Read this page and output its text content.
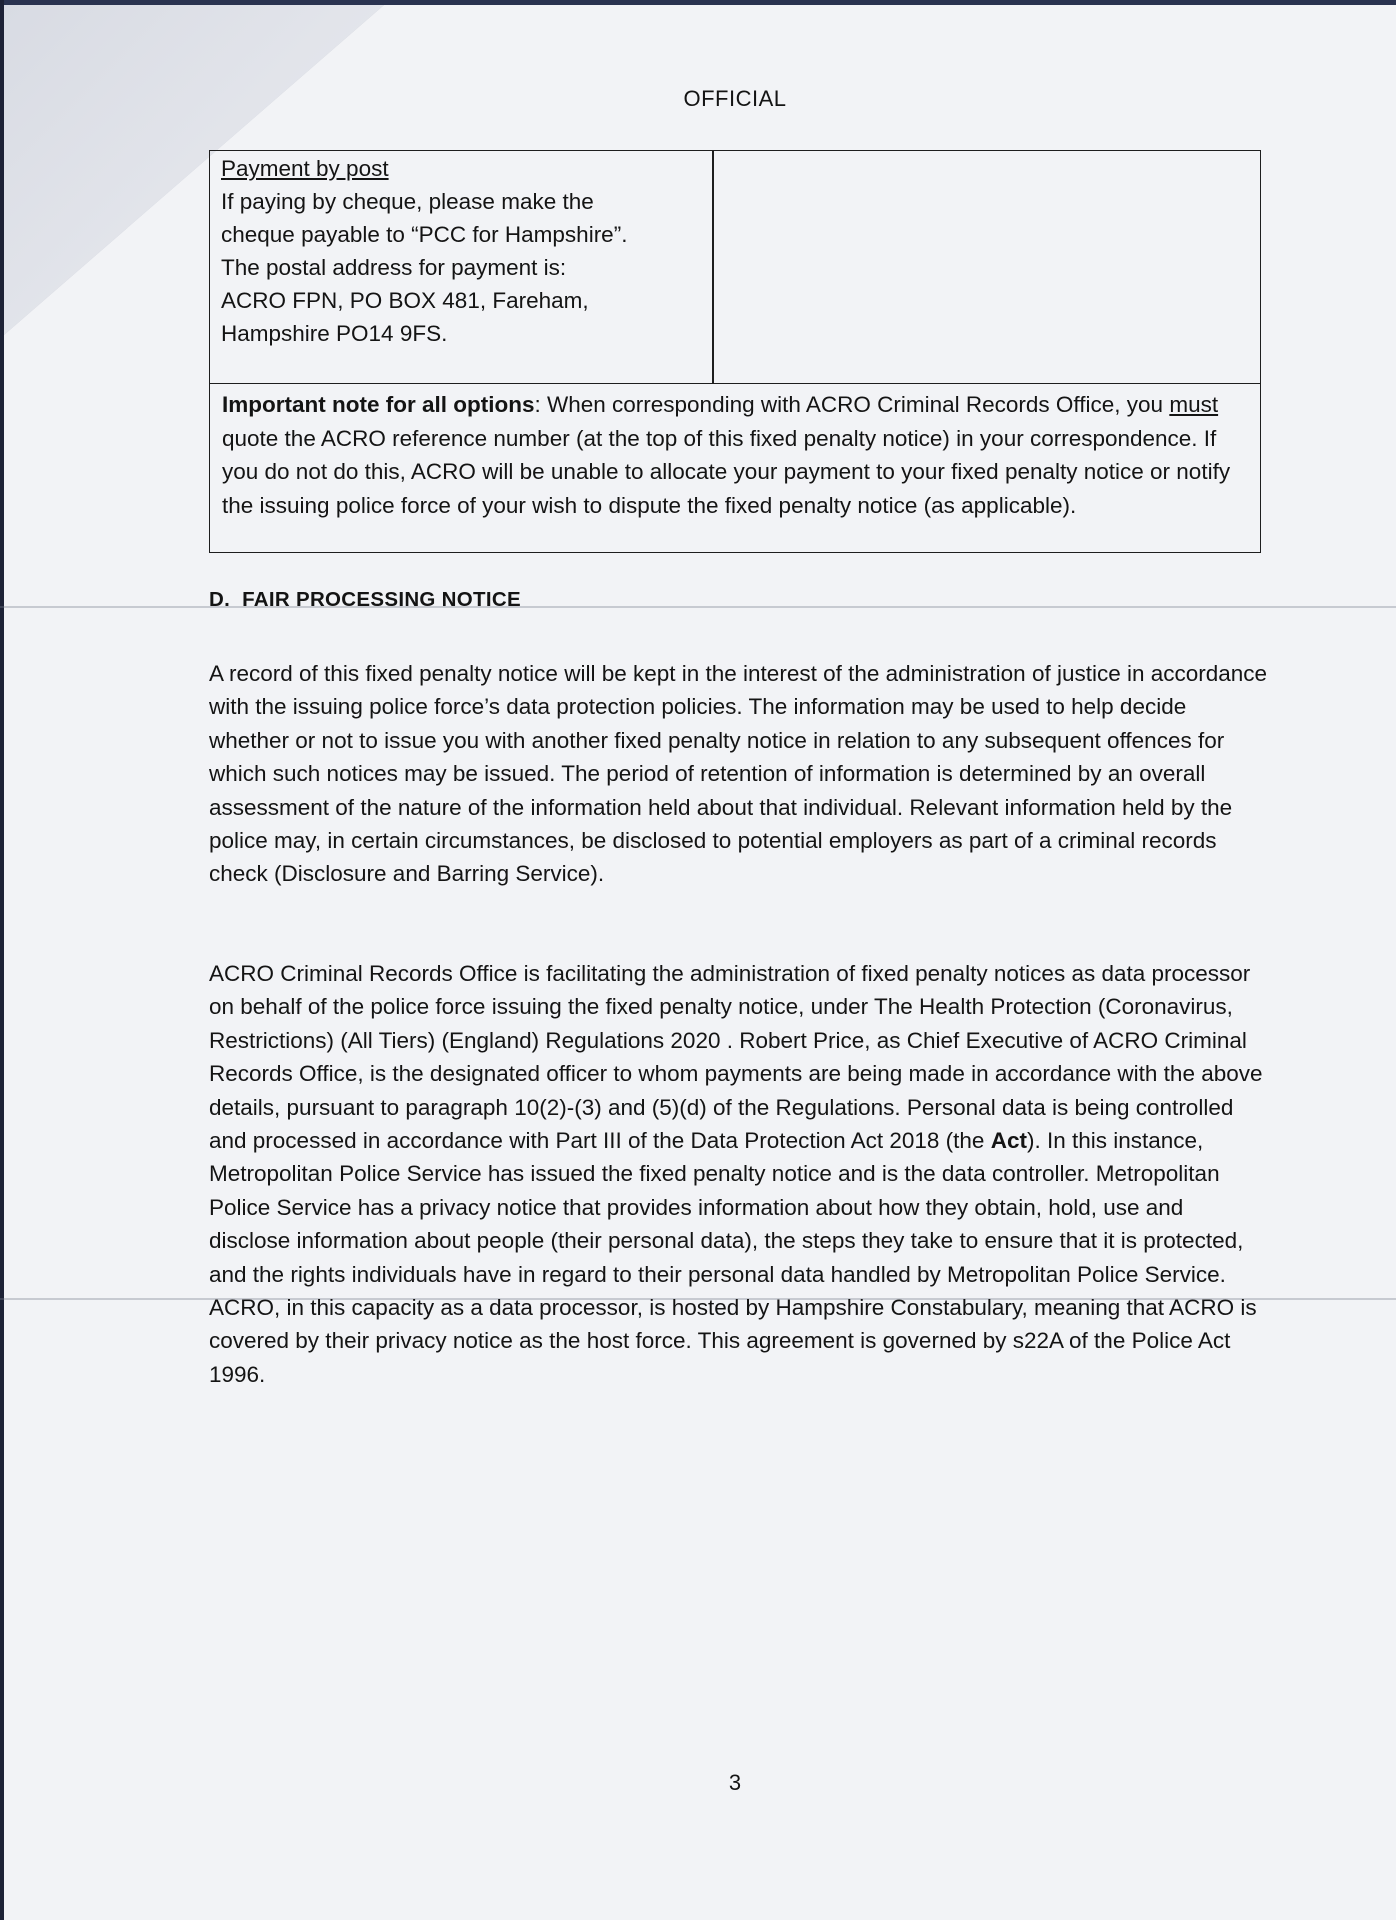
OFFICIAL
Payment by post
If paying by cheque, please make the
cheque payable to “PCC for Hampshire”.
The postal address for payment is:
ACRO FPN, PO BOX 481, Fareham,
Hampshire PO14 9FS.
Important note for all options: When corresponding with ACRO Criminal Records Office, you must quote the ACRO reference number (at the top of this fixed penalty notice) in your correspondence. If you do not do this, ACRO will be unable to allocate your payment to your fixed penalty notice or notify the issuing police force of your wish to dispute the fixed penalty notice (as applicable).
D.  FAIR PROCESSING NOTICE
A record of this fixed penalty notice will be kept in the interest of the administration of justice in accordance with the issuing police force’s data protection policies. The information may be used to help decide whether or not to issue you with another fixed penalty notice in relation to any subsequent offences for which such notices may be issued. The period of retention of information is determined by an overall assessment of the nature of the information held about that individual. Relevant information held by the police may, in certain circumstances, be disclosed to potential employers as part of a criminal records check (Disclosure and Barring Service).
ACRO Criminal Records Office is facilitating the administration of fixed penalty notices as data processor on behalf of the police force issuing the fixed penalty notice, under The Health Protection (Coronavirus, Restrictions) (All Tiers) (England) Regulations 2020 . Robert Price, as Chief Executive of ACRO Criminal Records Office, is the designated officer to whom payments are being made in accordance with the above details, pursuant to paragraph 10(2)-(3) and (5)(d) of the Regulations. Personal data is being controlled and processed in accordance with Part III of the Data Protection Act 2018 (the Act). In this instance, Metropolitan Police Service has issued the fixed penalty notice and is the data controller. Metropolitan Police Service has a privacy notice that provides information about how they obtain, hold, use and disclose information about people (their personal data), the steps they take to ensure that it is protected, and the rights individuals have in regard to their personal data handled by Metropolitan Police Service. ACRO, in this capacity as a data processor, is hosted by Hampshire Constabulary, meaning that ACRO is covered by their privacy notice as the host force. This agreement is governed by s22A of the Police Act 1996.
3
